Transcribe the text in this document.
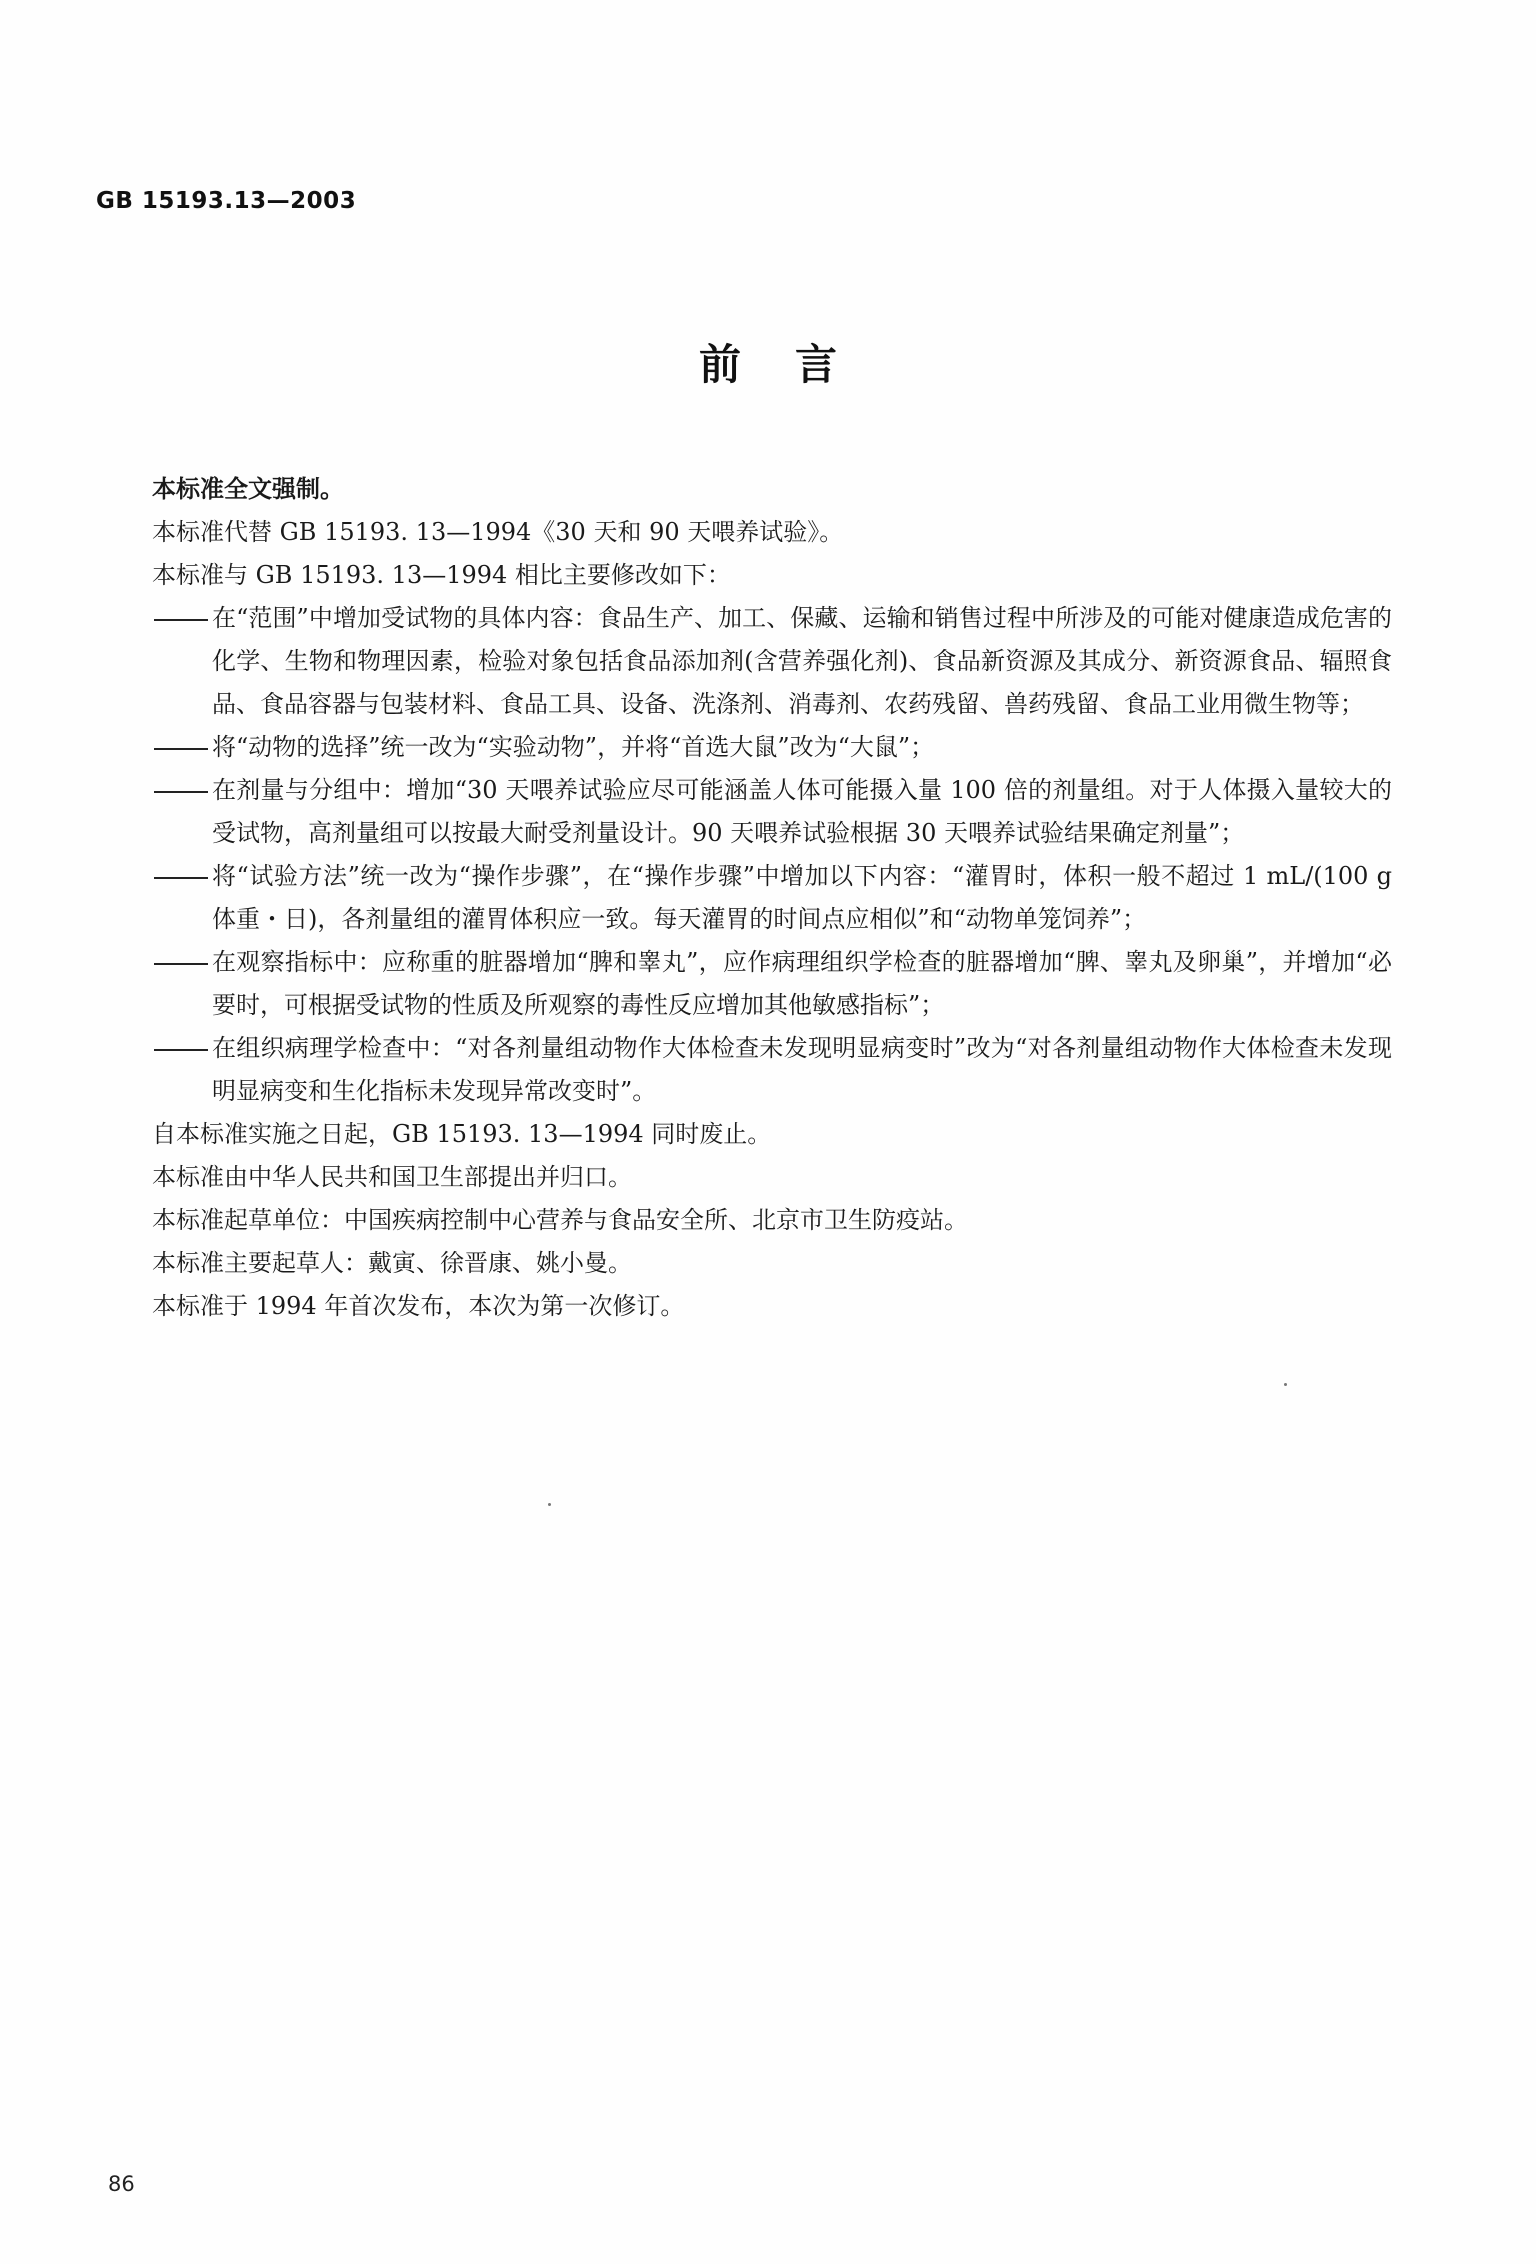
GB 15193.13—2003
前言

本标准全文强制。

本标准代替 GB 15193. 13—1994《30 天和 90 天喂养试验》。

本标准与 GB 15193. 13—1994 相比主要修改如下：

在“范围”中增加受试物的具体内容：食品生产、加工、保藏、运输和销售过程中所涉及的可能对健康造成危害的化学、生物和物理因素，检验对象包括食品添加剂(含营养强化剂)、食品新资源及其成分、新资源食品、辐照食品、食品容器与包装材料、食品工具、设备、洗涤剂、消毒剂、农药残留、兽药残留、食品工业用微生物等；

将“动物的选择”统一改为“实验动物”，并将“首选大鼠”改为“大鼠”；

在剂量与分组中：增加“30 天喂养试验应尽可能涵盖人体可能摄入量 100 倍的剂量组。对于人体摄入量较大的受试物，高剂量组可以按最大耐受剂量设计。90 天喂养试验根据 30 天喂养试验结果确定剂量”；

将“试验方法”统一改为“操作步骤”，在“操作步骤”中增加以下内容：“灌胃时，体积一般不超过 1 mL/(100 g 体重・日)，各剂量组的灌胃体积应一致。每天灌胃的时间点应相似”和“动物单笼饲养”；

在观察指标中：应称重的脏器增加“脾和睾丸”，应作病理组织学检查的脏器增加“脾、睾丸及卵巢”，并增加“必要时，可根据受试物的性质及所观察的毒性反应增加其他敏感指标”；

在组织病理学检查中：“对各剂量组动物作大体检查未发现明显病变时”改为“对各剂量组动物作大体检查未发现明显病变和生化指标未发现异常改变时”。

自本标准实施之日起，GB 15193. 13—1994 同时废止。

本标准由中华人民共和国卫生部提出并归口。

本标准起草单位：中国疾病控制中心营养与食品安全所、北京市卫生防疫站。

本标准主要起草人：戴寅、徐晋康、姚小曼。

本标准于 1994 年首次发布，本次为第一次修订。

86
